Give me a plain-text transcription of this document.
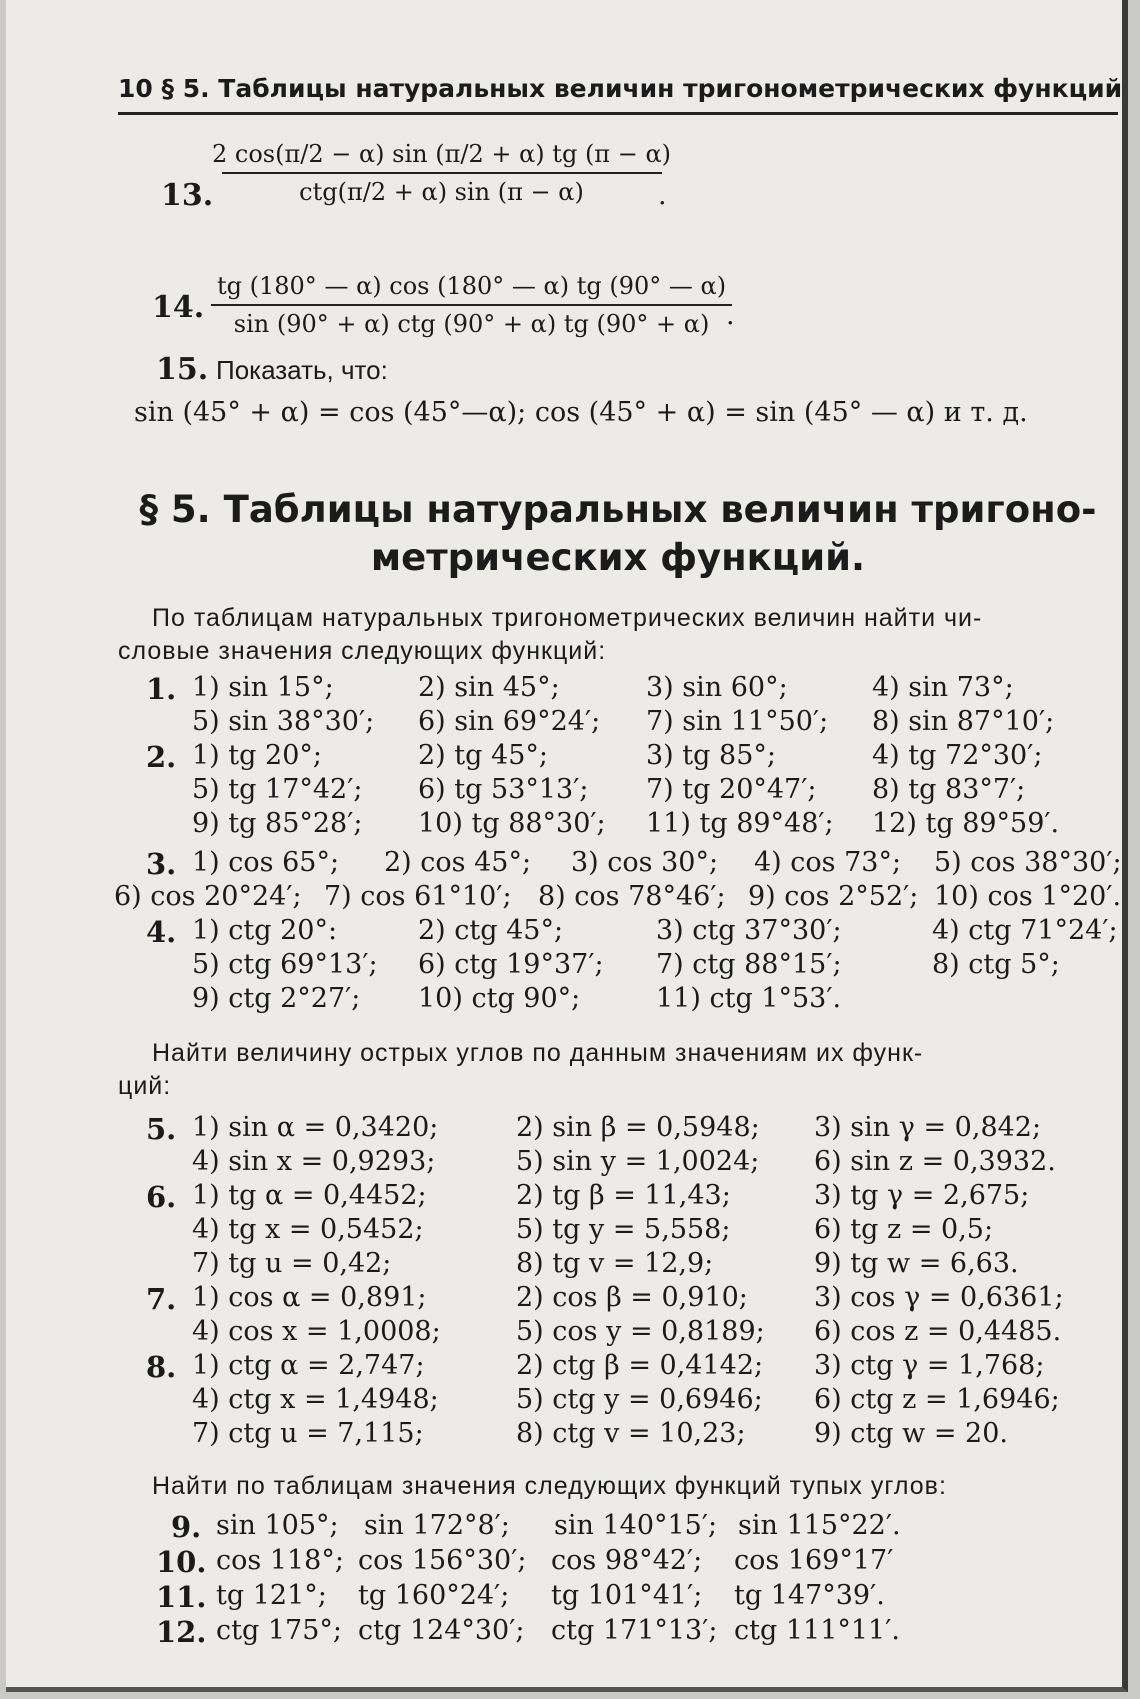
10 § 5. Таблицы натуральных величин тригонометрических функций
13.
2 cos(π/2 − α) sin (π/2 + α) tg (π − α)
ctg(π/2 + α) sin (π − α)	.
14.
tg (180° — α) cos (180° — α) tg (90° — α)
sin (90° + α) ctg (90° + α) tg (90° + α) .
15. Показать, что:
sin (45° + α) = cos (45°—α); cos (45° + α) = sin (45° — α) и т. д.
§ 5. Таблицы натуральных величин тригоно-
метрических функций.
По таблицам натуральных тригонометрических величин найти чи-
словые значения следующих функций:
Найти величину острых углов по данным значениям их функ-
ций:
Найти по таблицам значения следующих функций тупых углов:
1. 1) sin 15°;	2) sin 45°;	3) sin 60°;	4) sin 73°;
5) sin 38°30′; 6) sin 69°24′; 7) sin 11°50′; 8) sin 87°10′;
2. 1) tg 20°;	2) tg 45°;	3) tg 85°;	4) tg 72°30′;
5) tg 17°42′; 6) tg 53°13′; 7) tg 20°47′; 8) tg 83°7′;
9) tg 85°28′; 10) tg 88°30′; 11) tg 89°48′; 12) tg 89°59′.
3. 1) cos 65°; 2) cos 45°; 3) cos 30°; 4) cos 73°; 5) cos 38°30′;
6) cos 20°24′; 7) cos 61°10′; 8) cos 78°46′; 9) cos 2°52′; 10) cos 1°20′.
4. 1) ctg 20°:	2) ctg 45°;	3) ctg 37°30′;	4) ctg 71°24′;
5) ctg 69°13′; 6) ctg 19°37′; 7) ctg 88°15′;	8) ctg 5°;
9) ctg 2°27′; 10) ctg 90°;	11) ctg 1°53′.
5. 1) sin α = 0,3420;	2) sin β = 0,5948; 3) sin γ = 0,842;
4) sin x = 0,9293;	5) sin y = 1,0024; 6) sin z = 0,3932.
6. 1) tg α = 0,4452;	2) tg β = 11,43;	3) tg γ = 2,675;
4) tg x = 0,5452;	5) tg y = 5,558;	6) tg z = 0,5;
7) tg u = 0,42;	8) tg v = 12,9;	9) tg w = 6,63.
7. 1) cos α = 0,891;	2) cos β = 0,910; 3) cos γ = 0,6361;
4) cos x = 1,0008;	5) cos y = 0,8189; 6) cos z = 0,4485.
8. 1) ctg α = 2,747;	2) ctg β = 0,4142; 3) ctg γ = 1,768;
4) ctg x = 1,4948;	5) ctg y = 0,6946; 6) ctg z = 1,6946;
7) ctg u = 7,115;	8) ctg v = 10,23;	9) ctg w = 20.
9. sin 105°; sin 172°8′; sin 140°15′; sin 115°22′.
10. cos 118°; cos 156°30′; cos 98°42′; cos 169°17′
11. tg 121°; tg 160°24′; tg 101°41′; tg 147°39′.
12. ctg 175°; ctg 124°30′; ctg 171°13′; ctg 111°11′.
